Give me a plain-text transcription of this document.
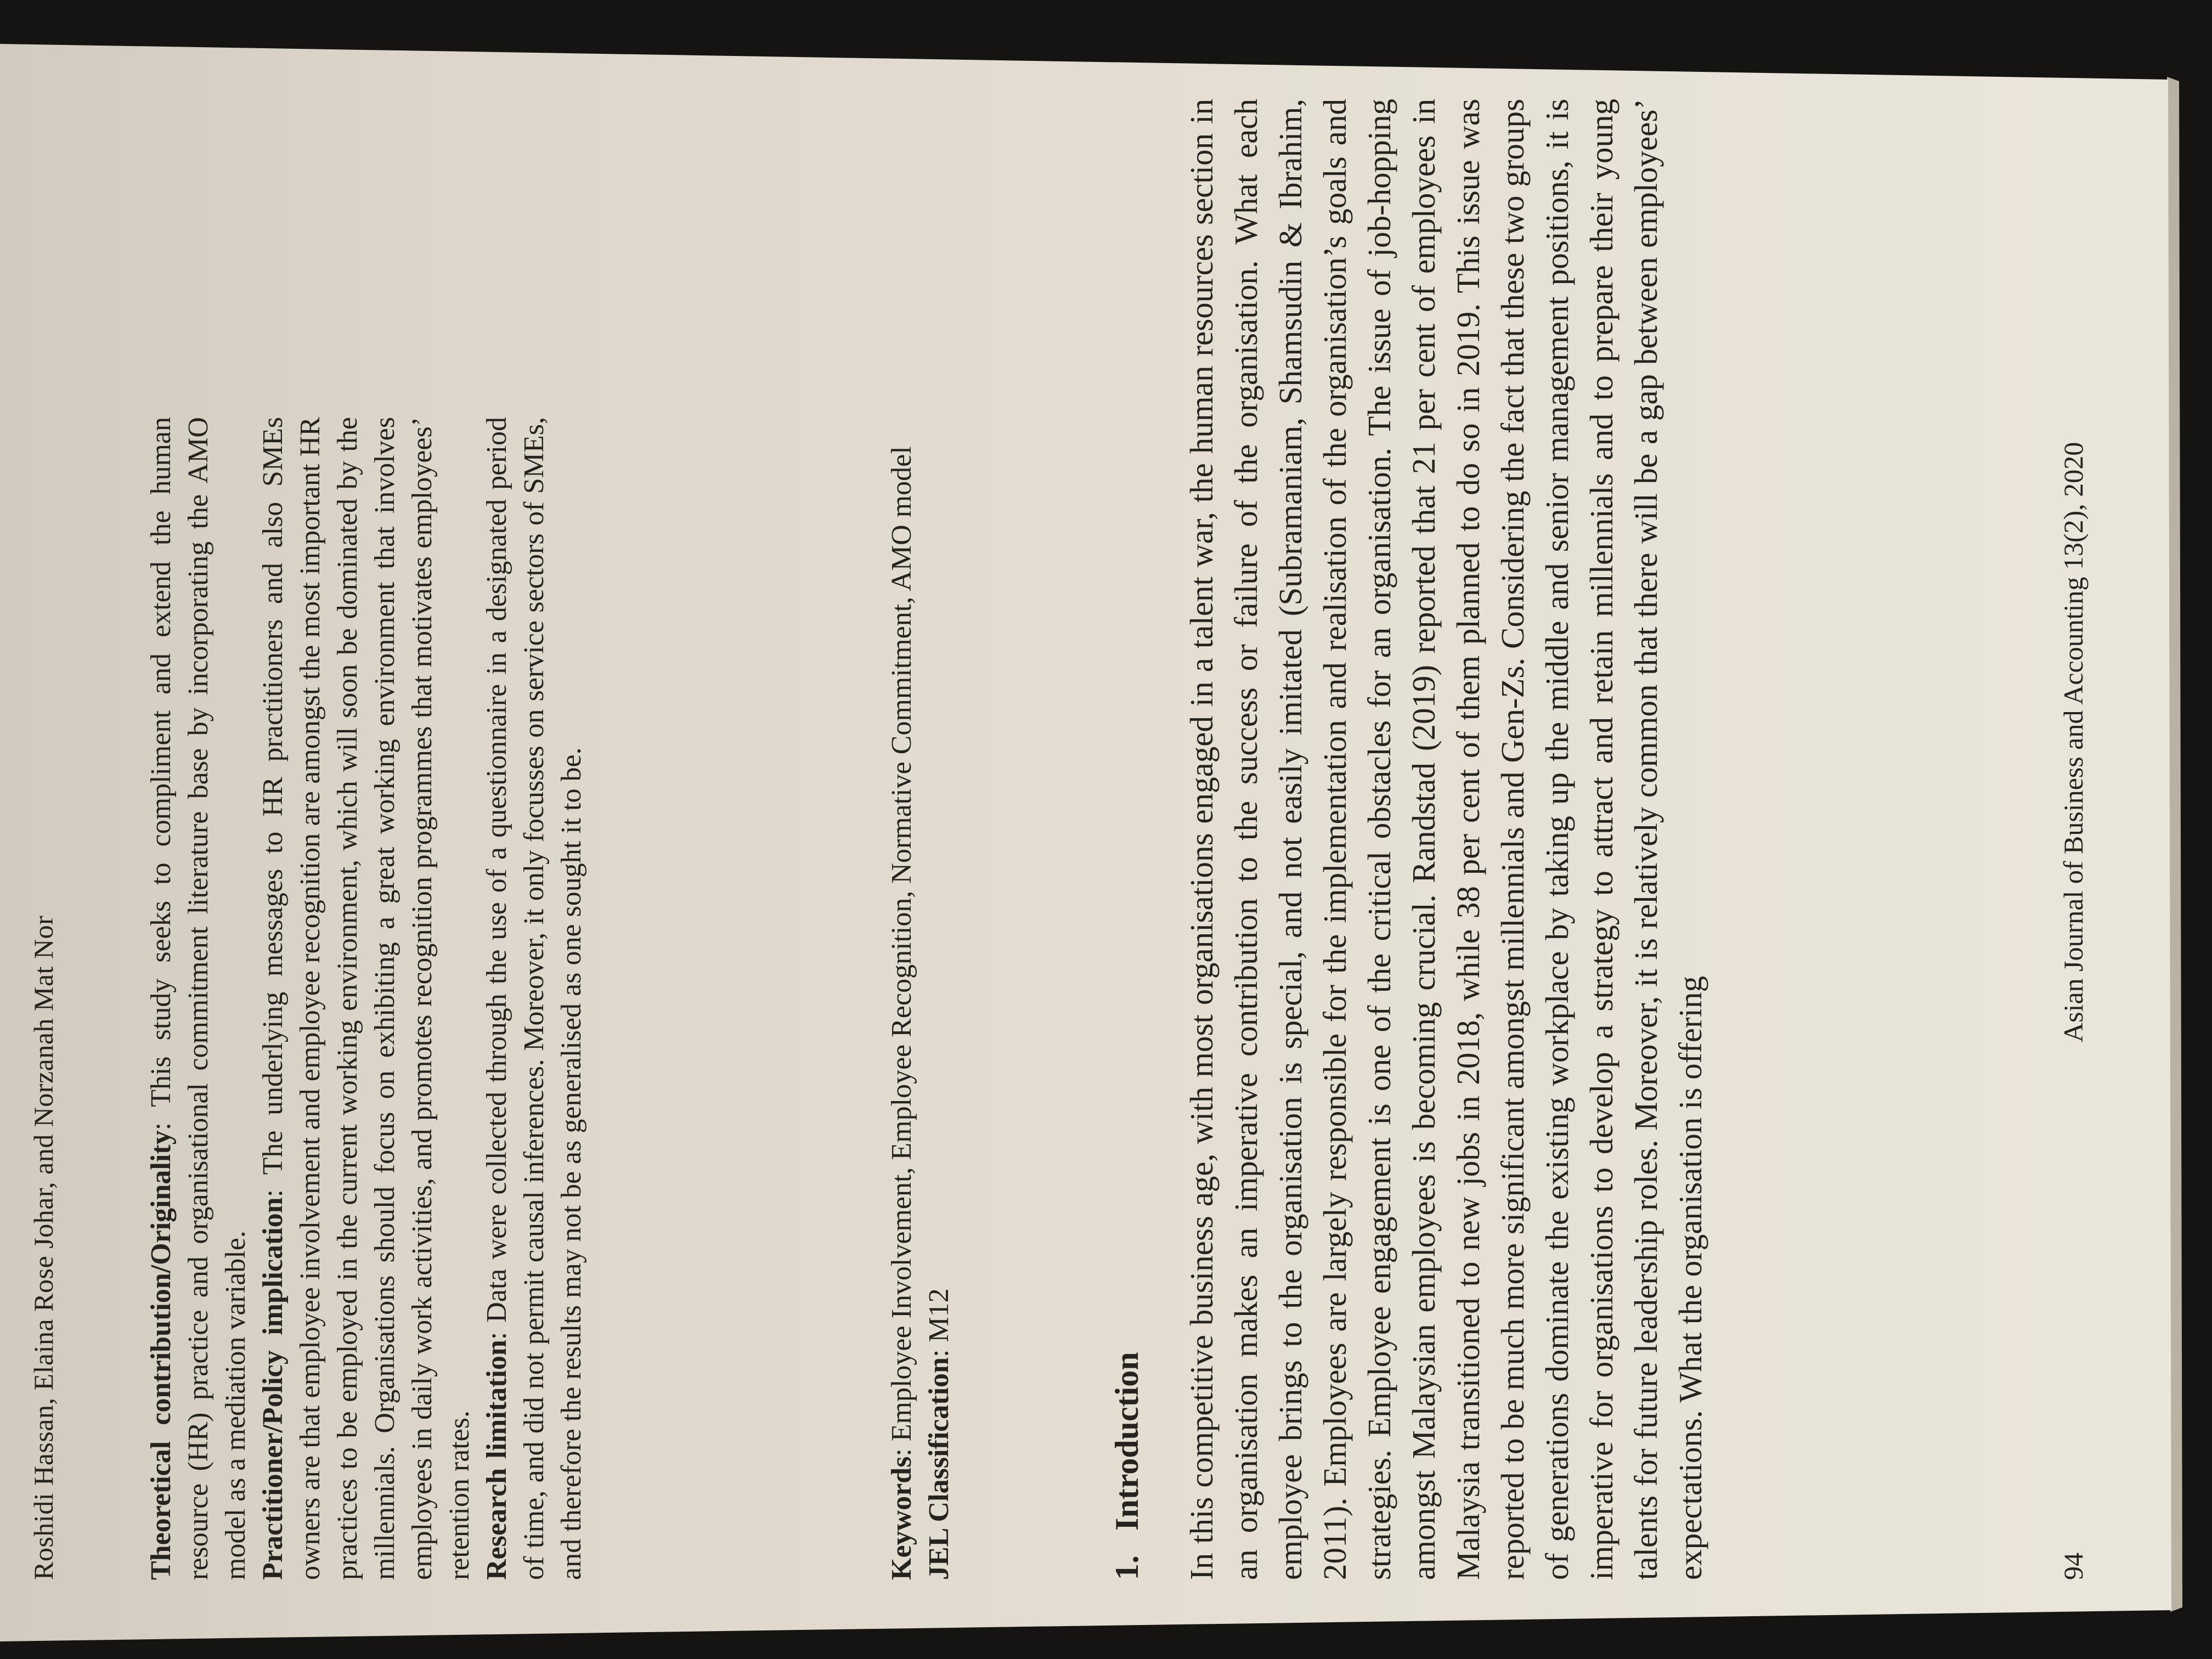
Roshidi Hassan, Elaina Rose Johar, and Norzanah Mat Nor	Theoretical contribution/Originality: This study seeks to compliment and extend the human resource (HR) practice and organisational commitment literature base by incorporating the AMO model as a mediation variable. Practitioner/Policy implication: The underlying messages to HR practitioners and also SMEs owners are that employee involvement and employee recognition are amongst the most important HR practices to be employed in the current working environment, which will soon be dominated by the millennials. Organisations should focus on exhibiting a great working environment that involves employees in daily work activities, and promotes recognition programmes that motivates employees’ retention rates. Research limitation: Data were collected through the use of a questionnaire in a designated period of time, and did not permit causal inferences. Moreover, it only focusses on service sectors of SMEs, and therefore the results may not be as generalised as one sought it to be.	Keywords: Employee Involvement, Employee Recognition, Normative Commitment, AMO model

JEL Classification: M12

1.Introduction In this competitive business age, with most organisations engaged in a talent war, the human resources section in an organisation makes an imperative contribution to the success or failure of the organisation. What each employee brings to the organisation is special, and not easily imitated (Subramaniam, Shamsudin & Ibrahim, 2011). Employees are largely responsible for the implementation and realisation of the organisation’s goals and strategies. Employee engagement is one of the critical obstacles for an organisation. The issue of job-hopping amongst Malaysian employees is becoming crucial. Randstad (2019) reported that 21 per cent of employees in Malaysia transitioned to new jobs in 2018, while 38 per cent of them planned to do so in 2019. This issue was reported to be much more significant amongst millennials and Gen-Zs. Considering the fact that these two groups of generations dominate the existing workplace by taking up the middle and senior management positions, it is imperative for organisations to develop a strategy to attract and retain millennials and to prepare their young talents for future leadership roles. Moreover, it is relatively common that there will be a gap between employees’ expectations. What the organisation is offering	94
Asian Journal of Business and Accounting 13(2), 2020
